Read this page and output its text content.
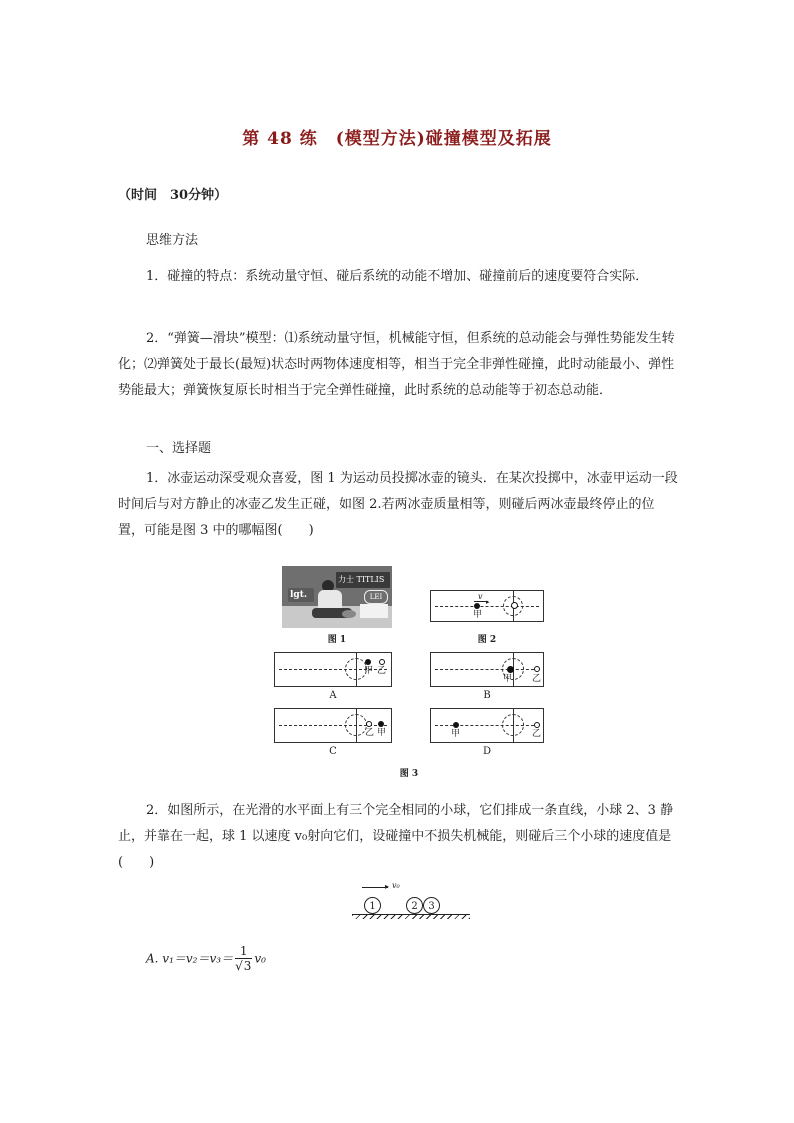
第 48 练　(模型方法)碰撞模型及拓展
（时间　30分钟）
思维方法
1．碰撞的特点：系统动量守恒、碰后系统的动能不增加、碰撞前后的速度要符合实际．
2．“弹簧—滑块”模型：⑴系统动量守恒，机械能守恒，但系统的总动能会与弹性势能发生转化；⑵弹簧处于最长(最短)状态时两物体速度相等，相当于完全非弹性碰撞，此时动能最小、弹性势能最大；弹簧恢复原长时相当于完全弹性碰撞，此时系统的总动能等于初态总动能．
一、选择题
1．冰壶运动深受观众喜爱，图 1 为运动员投掷冰壶的镜头．在某次投掷中，冰壶甲运动一段时间后与对方静止的冰壶乙发生正碰，如图 2.若两冰壶质量相等，则碰后两冰壶最终停止的位置，可能是图 3 中的哪幅图(　　)
力士 TITLIS
lgt.	LEI
图 1
甲
v
▸
图 2
甲 乙
A
甲 乙
B
乙 甲
C
甲	乙
D
图 3
2．如图所示，在光滑的水平面上有三个完全相同的小球，它们排成一条直线，小球 2、3 静止，并靠在一起，球 1 以速度 v₀射向它们，设碰撞中不损失机械能，则碰后三个小球的速度值是(　　)
▸ v₀
1	2	3
A. $v_1=v_2=v_3= \frac{1}{√3} v_0$
